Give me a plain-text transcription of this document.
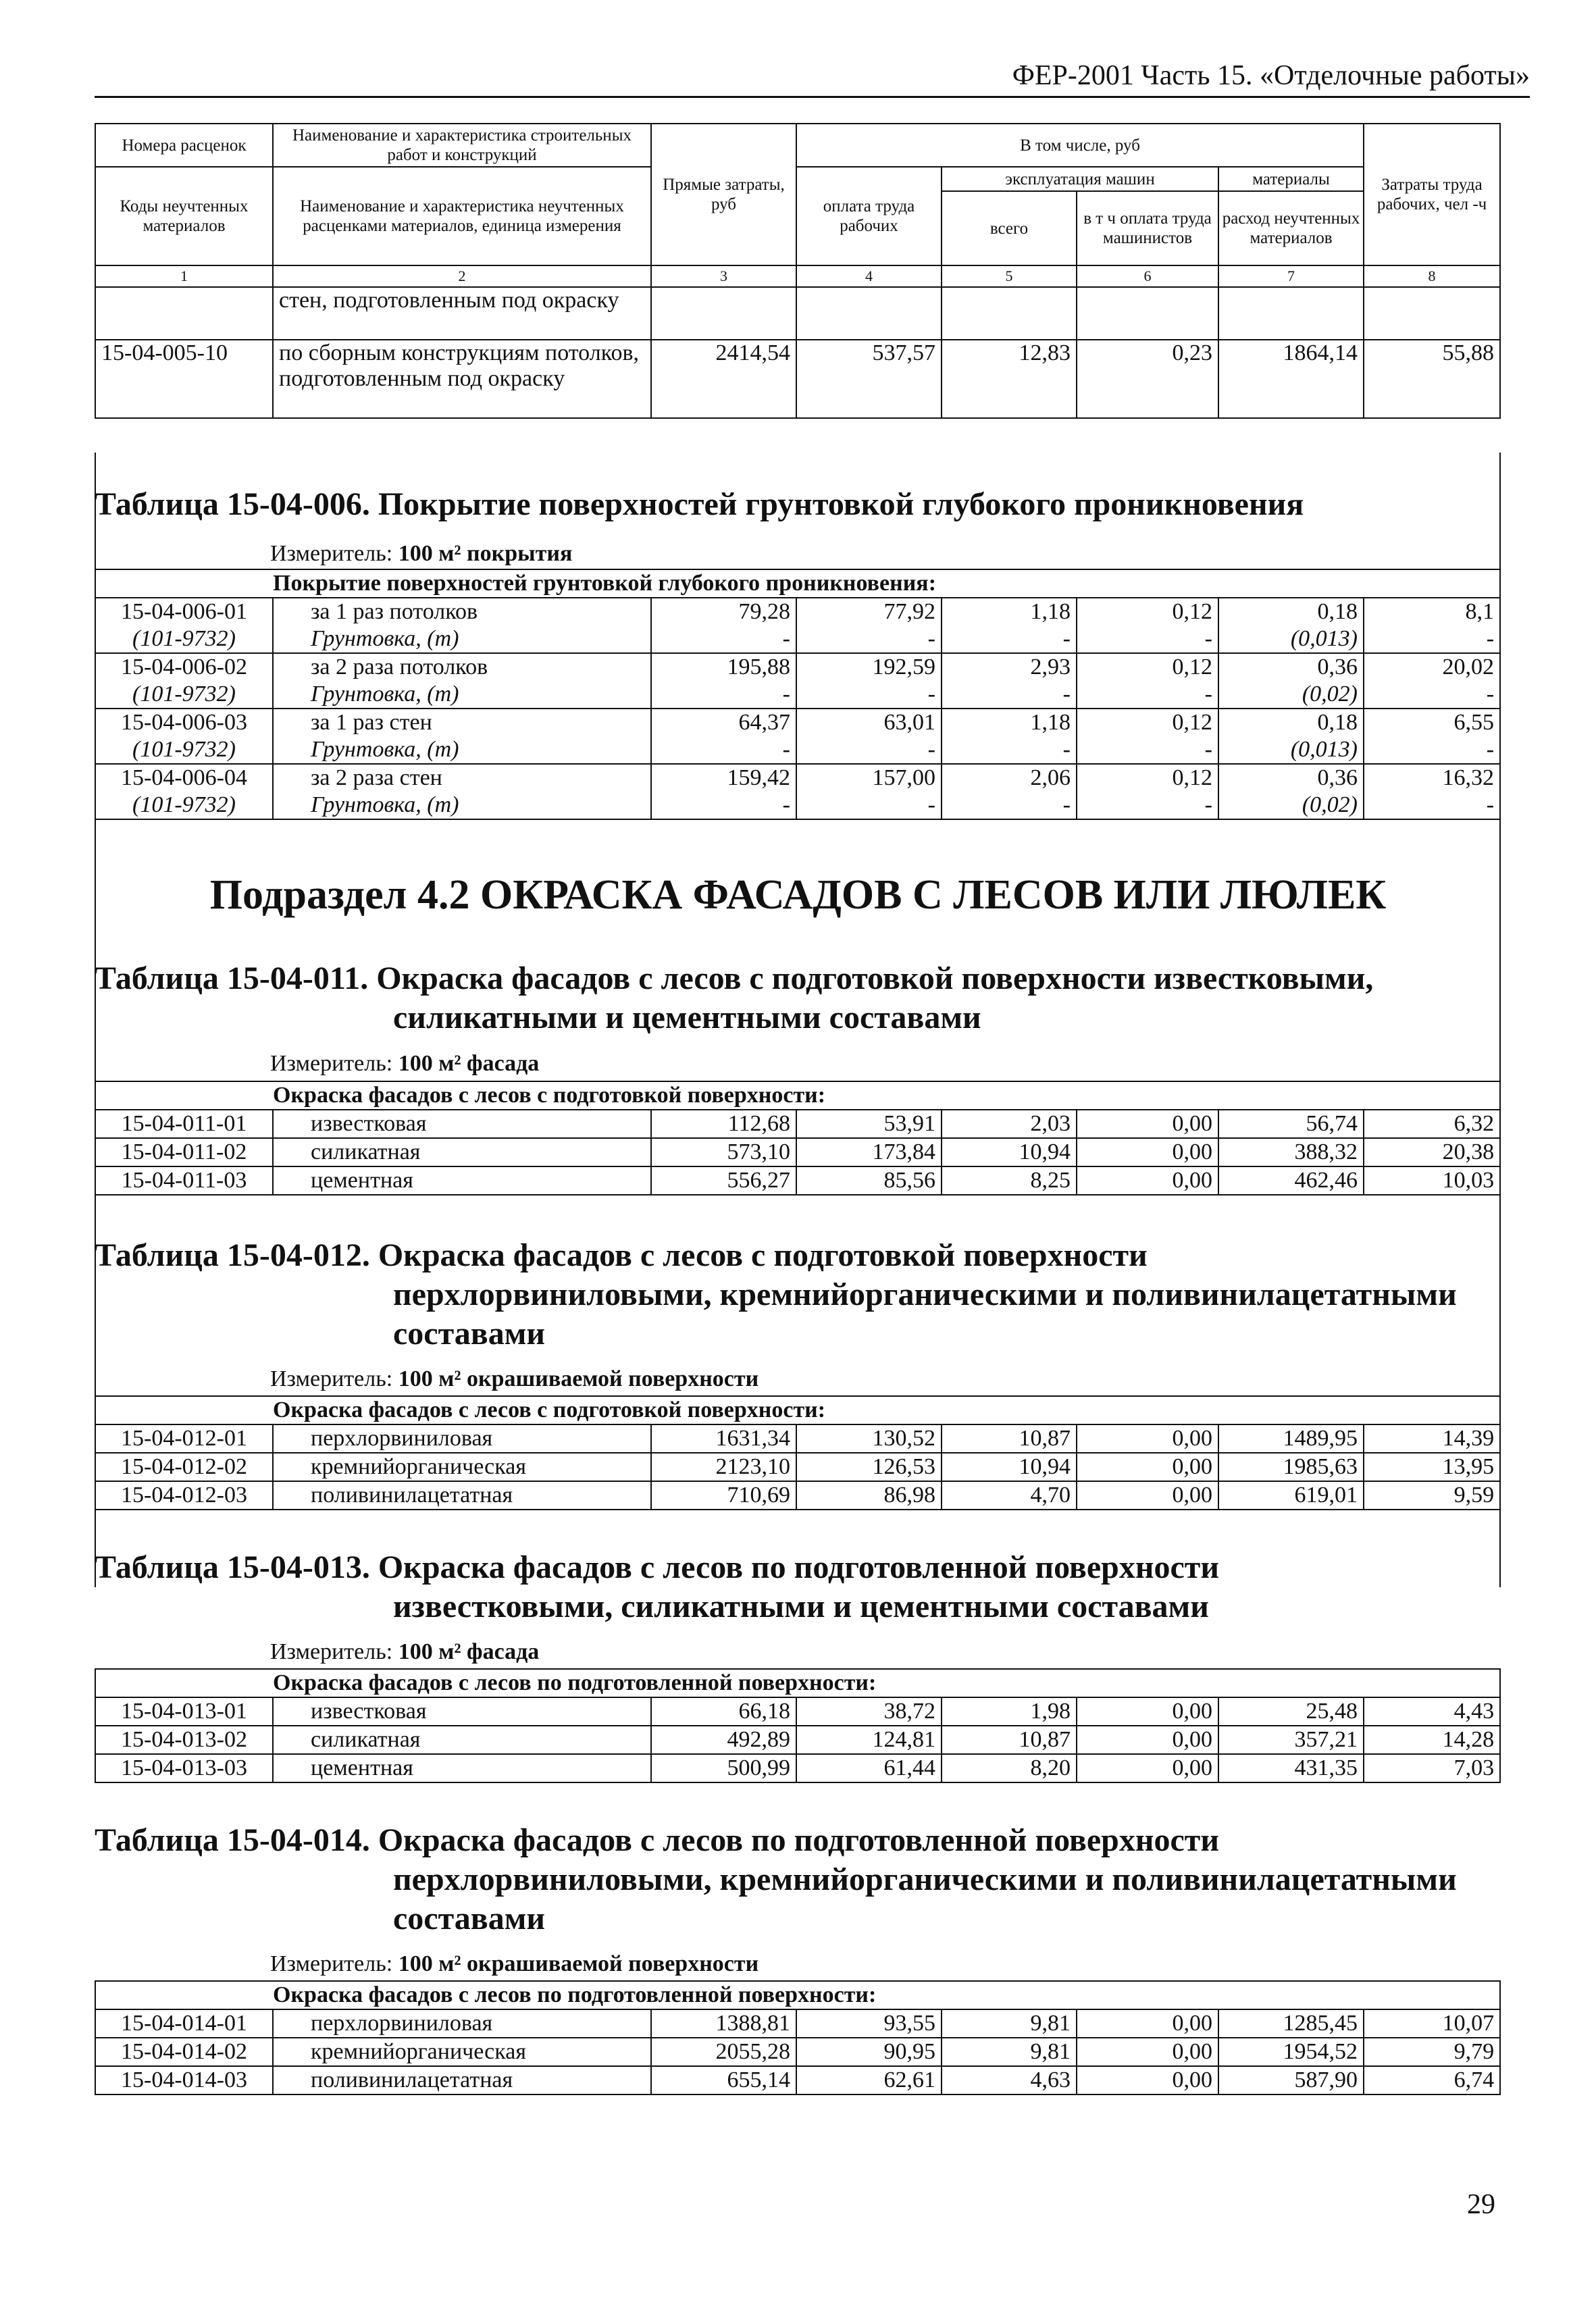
ФЕР-2001 Часть 15. «Отделочные работы»
Номера расценок	Наименование и характеристика строительных работ и конструкций	Прямые затраты, руб	В том числе, руб				Затраты труда рабочих, чел -ч
Коды неучтенных материалов	Наименование и характеристика неучтенных расценками материалов, единица измерения		оплата труда рабочих	эксплуатация машин		материалы	
				всего	в т ч оплата труда машинистов	расход неучтенных материалов	
1	2	3	4	5	6	7	8
	стен, подготовленным под окраску						
15-04-005-10	по сборным конструкциям потолков, подготовленным под окраску	2414,54	537,57	12,83	0,23	1864,14	55,88
Таблица 15-04-006. Покрытие поверхностей грунтовкой глубокого проникновения
Измеритель: 100 м² покрытия
Покрытие поверхностей грунтовкой глубокого проникновения:							
15-04-006-01	за 1 раз потолков	79,28	77,92	1,18	0,12	0,18	8,1
(101-9732)	Грунтовка, (т)	-	-	-	-	(0,013)	-
15-04-006-02	за 2 раза потолков	195,88	192,59	2,93	0,12	0,36	20,02
(101-9732)	Грунтовка, (т)	-	-	-	-	(0,02)	-
15-04-006-03	за 1 раз стен	64,37	63,01	1,18	0,12	0,18	6,55
(101-9732)	Грунтовка, (т)	-	-	-	-	(0,013)	-
15-04-006-04	за 2 раза стен	159,42	157,00	2,06	0,12	0,36	16,32
(101-9732)	Грунтовка, (т)	-	-	-	-	(0,02)	-
Подраздел 4.2 ОКРАСКА ФАСАДОВ С ЛЕСОВ ИЛИ ЛЮЛЕК
Таблица 15-04-011. Окраска фасадов с лесов с подготовкой поверхности известковыми,
силикатными и цементными составами
Измеритель: 100 м² фасада
Окраска фасадов с лесов с подготовкой поверхности:							
15-04-011-01	известковая	112,68	53,91	2,03	0,00	56,74	6,32
15-04-011-02	силикатная	573,10	173,84	10,94	0,00	388,32	20,38
15-04-011-03	цементная	556,27	85,56	8,25	0,00	462,46	10,03
Таблица 15-04-012. Окраска фасадов с лесов с подготовкой поверхности
перхлорвиниловыми, кремнийорганическими и поливинилацетатными составами
Измеритель: 100 м² окрашиваемой поверхности
Окраска фасадов с лесов с подготовкой поверхности:							
15-04-012-01	перхлорвиниловая	1631,34	130,52	10,87	0,00	1489,95	14,39
15-04-012-02	кремнийорганическая	2123,10	126,53	10,94	0,00	1985,63	13,95
15-04-012-03	поливинилацетатная	710,69	86,98	4,70	0,00	619,01	9,59
Таблица 15-04-013. Окраска фасадов с лесов по подготовленной поверхности
известковыми, силикатными и цементными составами
Измеритель: 100 м² фасада
Окраска фасадов с лесов по подготовленной поверхности:							
15-04-013-01	известковая	66,18	38,72	1,98	0,00	25,48	4,43
15-04-013-02	силикатная	492,89	124,81	10,87	0,00	357,21	14,28
15-04-013-03	цементная	500,99	61,44	8,20	0,00	431,35	7,03
Таблица 15-04-014. Окраска фасадов с лесов по подготовленной поверхности
перхлорвиниловыми, кремнийорганическими и поливинилацетатными составами
Измеритель: 100 м² окрашиваемой поверхности
Окраска фасадов с лесов по подготовленной поверхности:							
15-04-014-01	перхлорвиниловая	1388,81	93,55	9,81	0,00	1285,45	10,07
15-04-014-02	кремнийорганическая	2055,28	90,95	9,81	0,00	1954,52	9,79
15-04-014-03	поливинилацетатная	655,14	62,61	4,63	0,00	587,90	6,74
29
